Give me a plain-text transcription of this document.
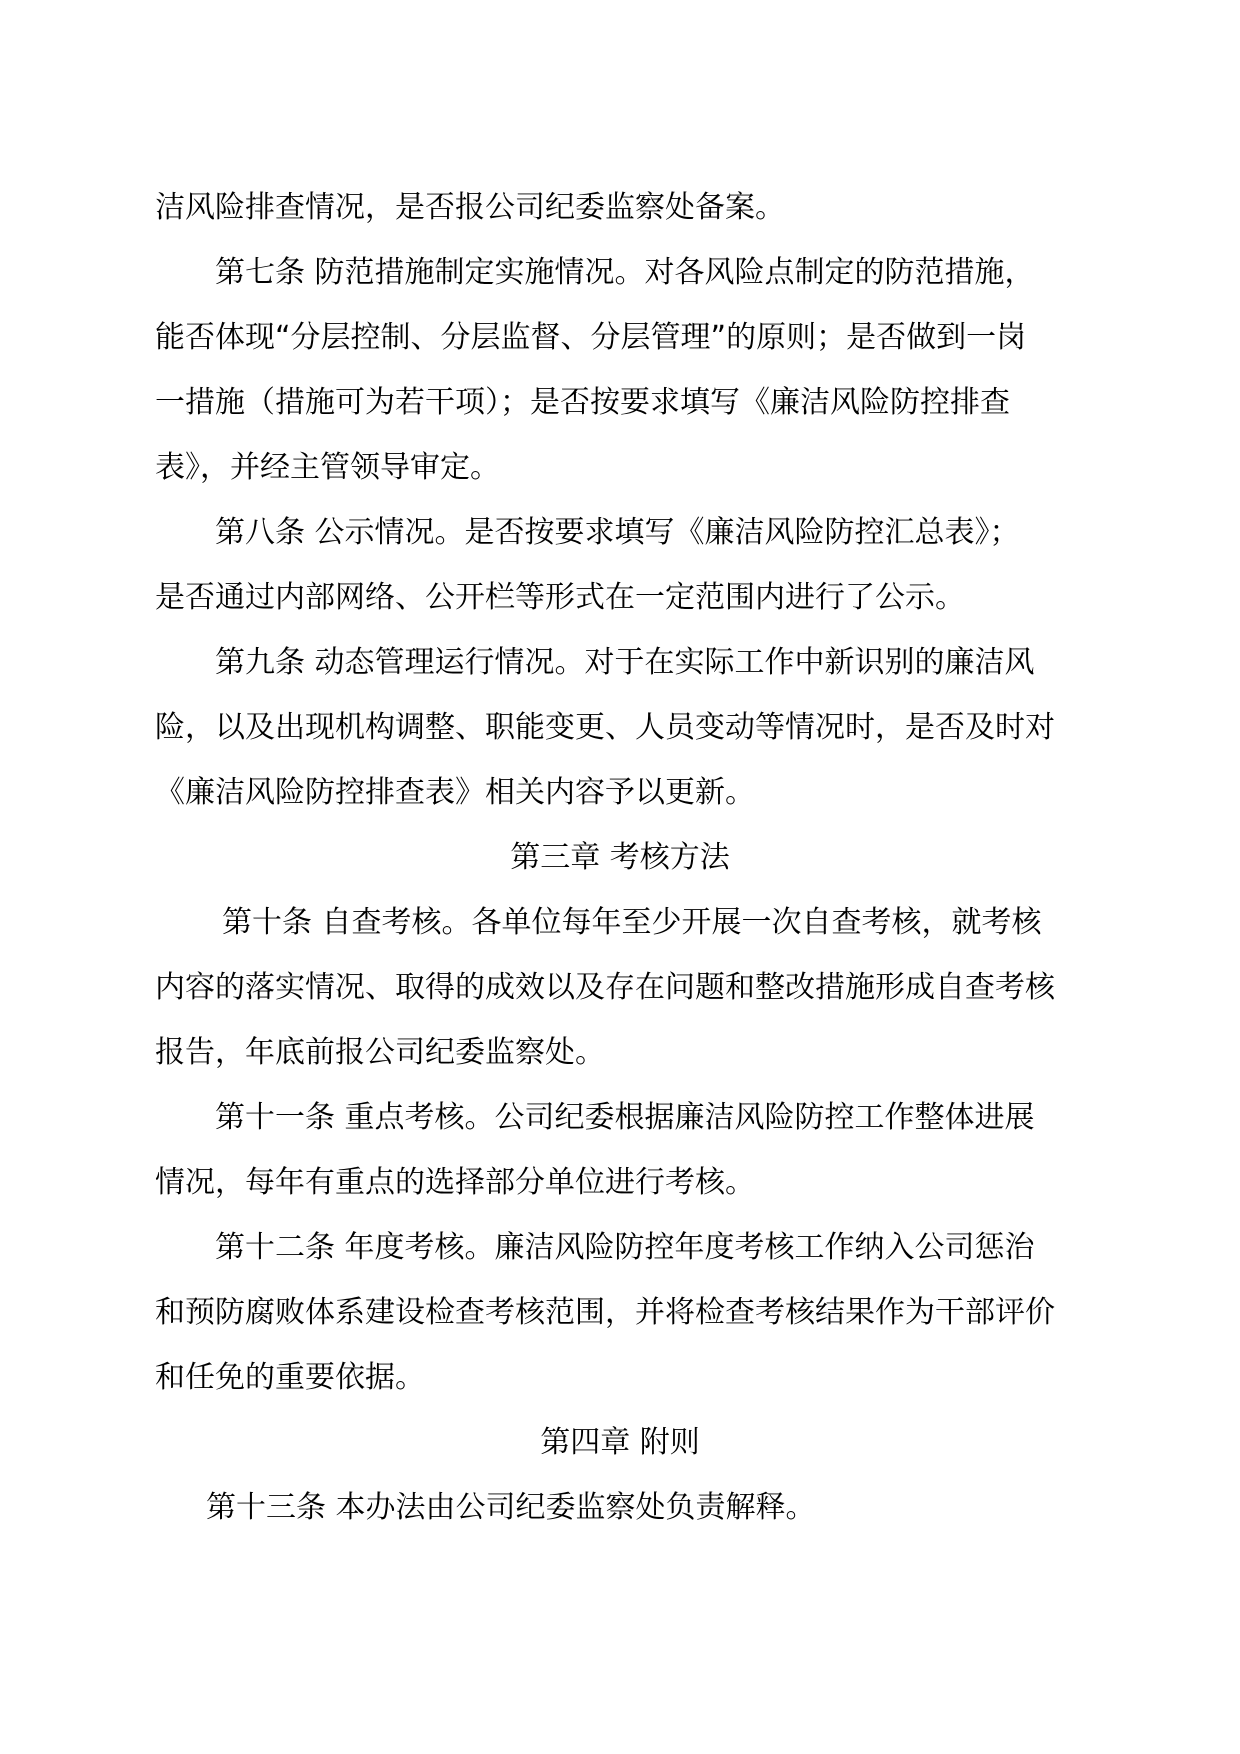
洁风险排查情况，是否报公司纪委监察处备案。
第七条 防范措施制定实施情况。对各风险点制定的防范措施，
能否体现“分层控制、分层监督、分层管理”的原则；是否做到一岗
一措施（措施可为若干项）；是否按要求填写《廉洁风险防控排查
表》，并经主管领导审定。
第八条 公示情况。是否按要求填写《廉洁风险防控汇总表》；
是否通过内部网络、公开栏等形式在一定范围内进行了公示。
第九条 动态管理运行情况。对于在实际工作中新识别的廉洁风
险，以及出现机构调整、职能变更、人员变动等情况时，是否及时对
《廉洁风险防控排查表》相关内容予以更新。
第三章 考核方法
第十条 自查考核。各单位每年至少开展一次自查考核，就考核
内容的落实情况、取得的成效以及存在问题和整改措施形成自查考核
报告，年底前报公司纪委监察处。
第十一条 重点考核。公司纪委根据廉洁风险防控工作整体进展
情况，每年有重点的选择部分单位进行考核。
第十二条 年度考核。廉洁风险防控年度考核工作纳入公司惩治
和预防腐败体系建设检查考核范围，并将检查考核结果作为干部评价
和任免的重要依据。
第四章 附则
第十三条 本办法由公司纪委监察处负责解释。
